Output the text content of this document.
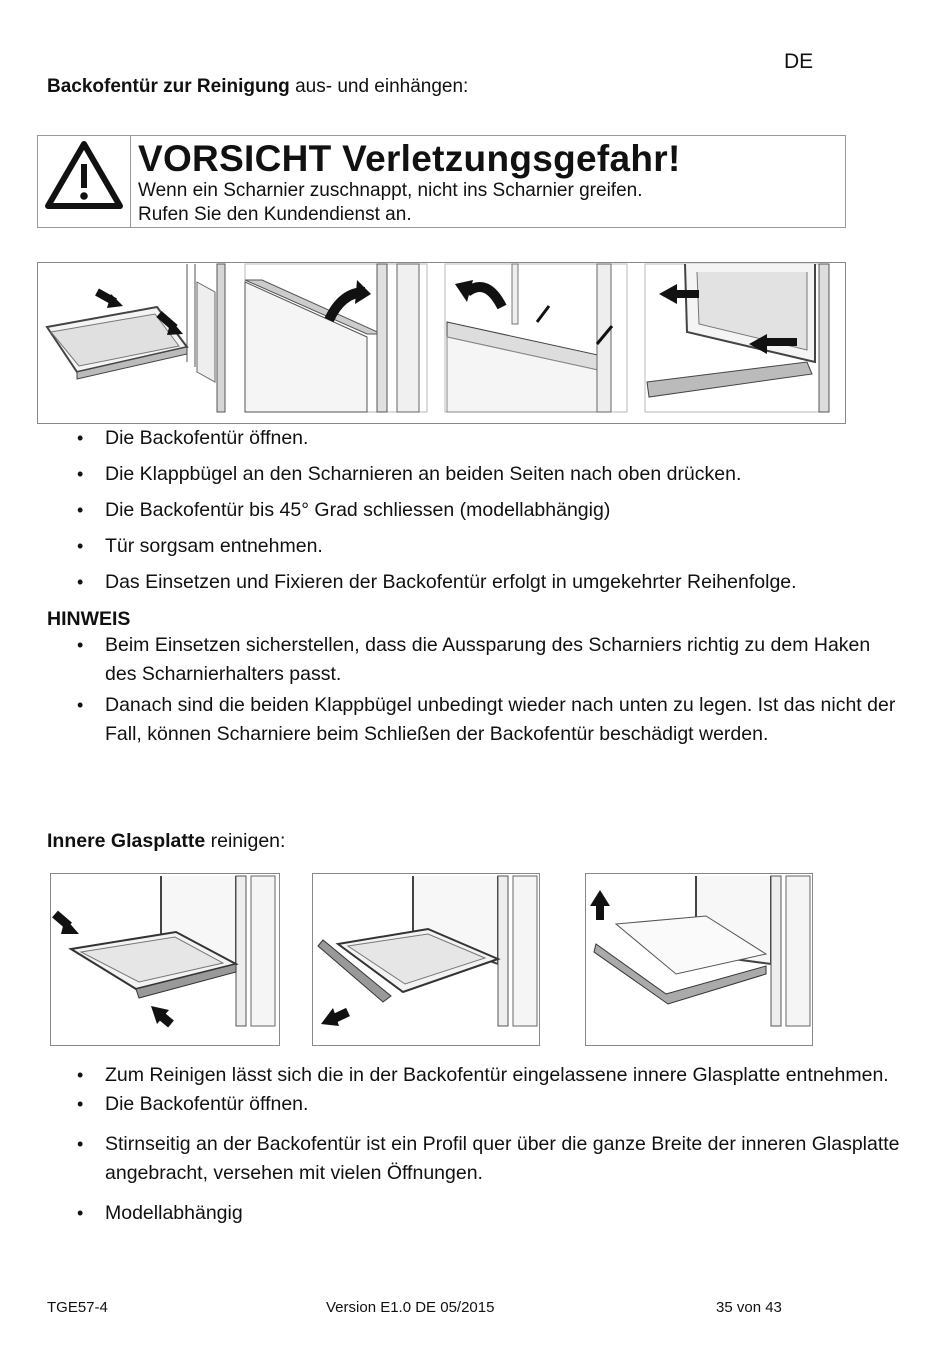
DE
Backofentür zur Reinigung aus- und einhängen:
VORSICHT Verletzungsgefahr!
Wenn ein Scharnier zuschnappt, nicht ins Scharnier greifen.
Rufen Sie den Kundendienst an.
• Die Backofentür öffnen.
• Die Klappbügel an den Scharnieren an beiden Seiten nach oben drücken.
• Die Backofentür bis 45° Grad schliessen (modellabhängig)
• Tür sorgsam entnehmen.
• Das Einsetzen und Fixieren der Backofentür erfolgt in umgekehrter Reihenfolge.
HINWEIS
• Beim Einsetzen sicherstellen, dass die Aussparung des Scharniers richtig zu dem Haken des Scharnierhalters passt.
• Danach sind die beiden Klappbügel unbedingt wieder nach unten zu legen. Ist das nicht der Fall, können Scharniere beim Schließen der Backofentür beschädigt werden.
Innere Glasplatte reinigen:
• Zum Reinigen lässt sich die in der Backofentür eingelassene innere Glasplatte entnehmen.
• Die Backofentür öffnen.
• Stirnseitig an der Backofentür ist ein Profil quer über die ganze Breite der inneren Glasplatte angebracht, versehen mit vielen Öffnungen.
• Modellabhängig
TGE57-4	Version E1.0 DE 05/2015	35 von 43
